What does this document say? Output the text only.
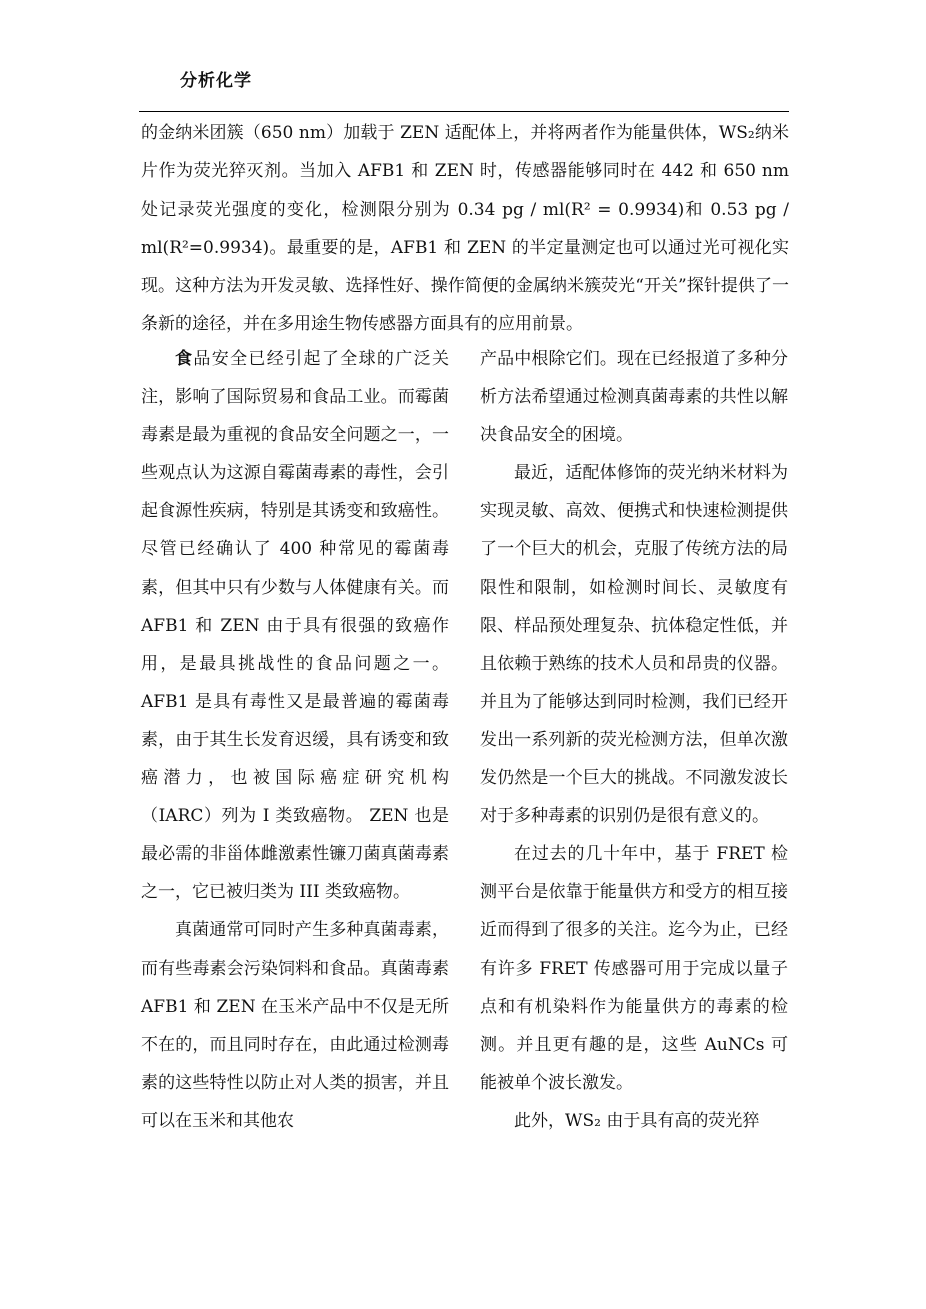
分析化学

的金纳米团簇（650 nm）加载于 ZEN 适配体上，并将两者作为能量供体，WS₂纳米片作为荧光猝灭剂。当加入 AFB1 和 ZEN 时，传感器能够同时在 442 和 650 nm 处记录荧光强度的变化，检测限分别为 0.34 pg / ml(R² = 0.9934)和 0.53 pg / ml(R²=0.9934)。最重要的是，AFB1 和 ZEN 的半定量测定也可以通过光可视化实现。这种方法为开发灵敏、选择性好、操作简便的金属纳米簇荧光“开关”探针提供了一条新的途径，并在多用途生物传感器方面具有的应用前景。

食品安全已经引起了全球的广泛关注，影响了国际贸易和食品工业。而霉菌毒素是最为重视的食品安全问题之一，一些观点认为这源自霉菌毒素的毒性，会引起食源性疾病，特别是其诱变和致癌性。尽管已经确认了 400 种常见的霉菌毒素，但其中只有少数与人体健康有关。而 AFB1 和 ZEN 由于具有很强的致癌作用，是最具挑战性的食品问题之一。 AFB1 是具有毒性又是最普遍的霉菌毒素，由于其生长发育迟缓，具有诱变和致癌潜力，也被国际癌症研究机构（IARC）列为 I 类致癌物。 ZEN 也是最必需的非甾体雌激素性镰刀菌真菌毒素之一，它已被归类为 III 类致癌物。

真菌通常可同时产生多种真菌毒素，而有些毒素会污染饲料和食品。真菌毒素 AFB1 和 ZEN 在玉米产品中不仅是无所不在的，而且同时存在，由此通过检测毒素的这些特性以防止对人类的损害，并且可以在玉米和其他农

产品中根除它们。现在已经报道了多种分析方法希望通过检测真菌毒素的共性以解决食品安全的困境。

最近，适配体修饰的荧光纳米材料为实现灵敏、高效、便携式和快速检测提供了一个巨大的机会，克服了传统方法的局限性和限制，如检测时间长、灵敏度有限、样品预处理复杂、抗体稳定性低，并且依赖于熟练的技术人员和昂贵的仪器。并且为了能够达到同时检测，我们已经开发出一系列新的荧光检测方法，但单次激发仍然是一个巨大的挑战。不同激发波长对于多种毒素的识别仍是很有意义的。

在过去的几十年中，基于 FRET 检测平台是依靠于能量供方和受方的相互接近而得到了很多的关注。迄今为止，已经有许多 FRET 传感器可用于完成以量子点和有机染料作为能量供方的毒素的检测。并且更有趣的是，这些 AuNCs 可能被单个波长激发。

此外，WS₂ 由于具有高的荧光猝
